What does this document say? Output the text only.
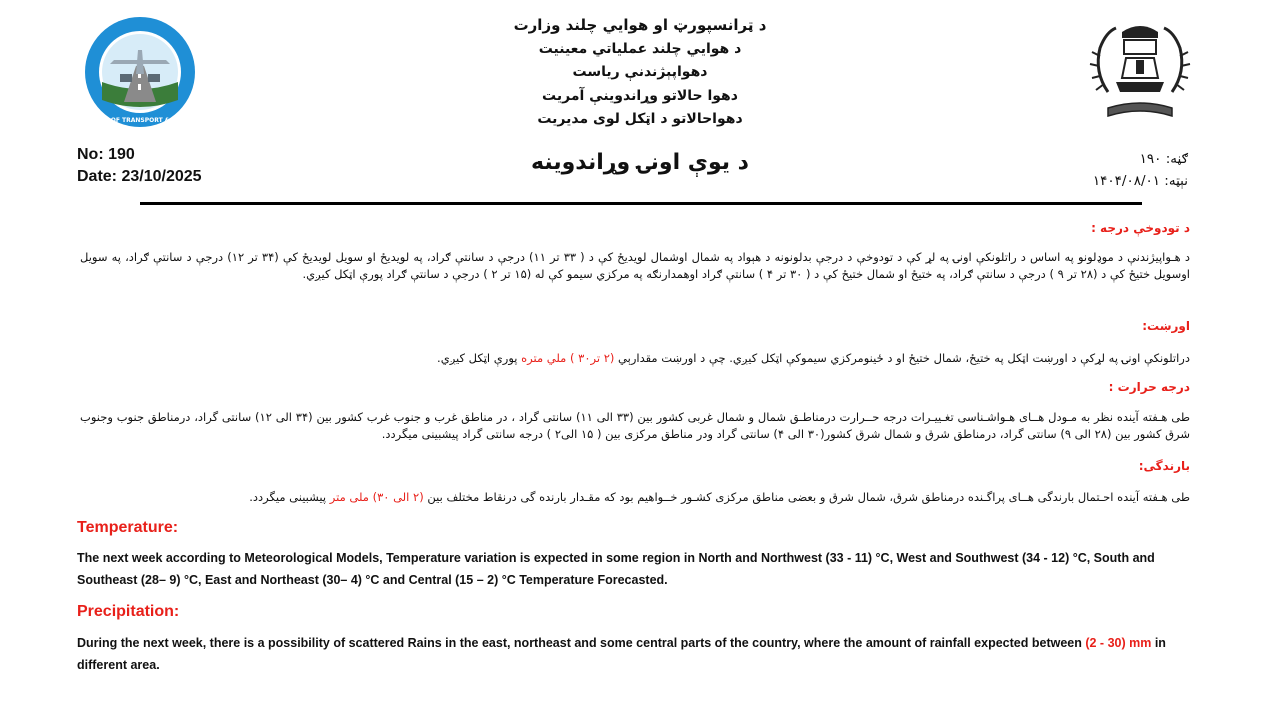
MINISTRY OF TRANSPORT & AVIATION
د ټرانسپورټ او هوايي چلند وزارت
د هوايي چلند عملياتي معينيت
دهواپېژندنې رياست
دهوا حالاتو وړاندوينې آمريت
دهواحالاتو د اټکل لوی مدیریت
No: 190
Date: 23/10/2025
ګڼه: ۱۹۰
نېټه: ۱۴۰۴/۰۸/۰۱
د يوې اونۍ وړاندوينه
د تودوخې درجه :
د هـواپیژندنې د موډلونو په اساس د راتلونکې اونۍ په لړ کې د تودوخې د درجې بدلونونه د هېواد په شمال اوشمال لويديځ کې د ( ۳۳ تر ۱۱) درجې د سانتې ګراد، په لويديځ او سويل لويديځ کې (۳۴ تر ۱۲) درجې د سانتې ګراد، په سويل اوسويل ختيځ کې د (۲۸ تر ۹ ) درجې د سانتې ګراد، په ختيځ او شمال ختيځ کې د ( ۳۰ تر ۴ ) سانتې ګراد اوهمدارنګه په مرکزي سيمو کې له (۱۵ تر ۲ ) درجې د سانتې ګراد پورې اټکل کيږي.
اورښت:
دراتلونکې اونۍ په لړکې د اورښت اټکل په ختيځ، شمال ختيځ او د ځينومرکزي سيموکې اټکل کيږي. چې د اورښت مقدارېي (۲ تر۳۰ ) ملي متره پورې اټکل کيږي.
درجه حرارت :
طی هـفته آینده نظر به مـودل هــای هـواشـناسی تغـییـرات درجه حــرارت درمناطـق شمال و شمال غربی کشور بین (۳۳ الی ۱۱) سانتی گراد ، در مناطق غرب و جنوب غرب کشور بین (۳۴ الی ۱۲) سانتی گراد، درمناطق جنوب وجنوب شرق کشور بین (۲۸ الی ۹) سانتی گراد، درمناطق شرق و شمال شرق کشور(۳۰ الی ۴) سانتی گراد ودر مناطق مرکزی بین ( ۱۵ الی۲ ) درجه سانتی گراد پیشبینی میگردد.
بارندگی:
طی هـفته آینده احـتمال بارندگی هــای پراگـنده درمناطق شرق، شمال شرق و بعضی مناطق مرکزی کشـور خــواهیم بود که مقـدار بارنده گی درنقاط مختلف بین (۲ الی ۳۰) ملی متر پیشبینی میگردد.
Temperature:
The next week according to Meteorological Models, Temperature variation is expected in some region in North and Northwest (33 - 11) °C, West and Southwest (34 - 12) °C, South and Southeast (28– 9) °C, East and Northeast (30– 4) °C and Central (15 – 2) °C Temperature Forecasted.
Precipitation:
During the next week, there is a possibility of scattered Rains in the east, northeast and some central parts of the country, where the amount of rainfall expected between (2 - 30) mm in different area.
